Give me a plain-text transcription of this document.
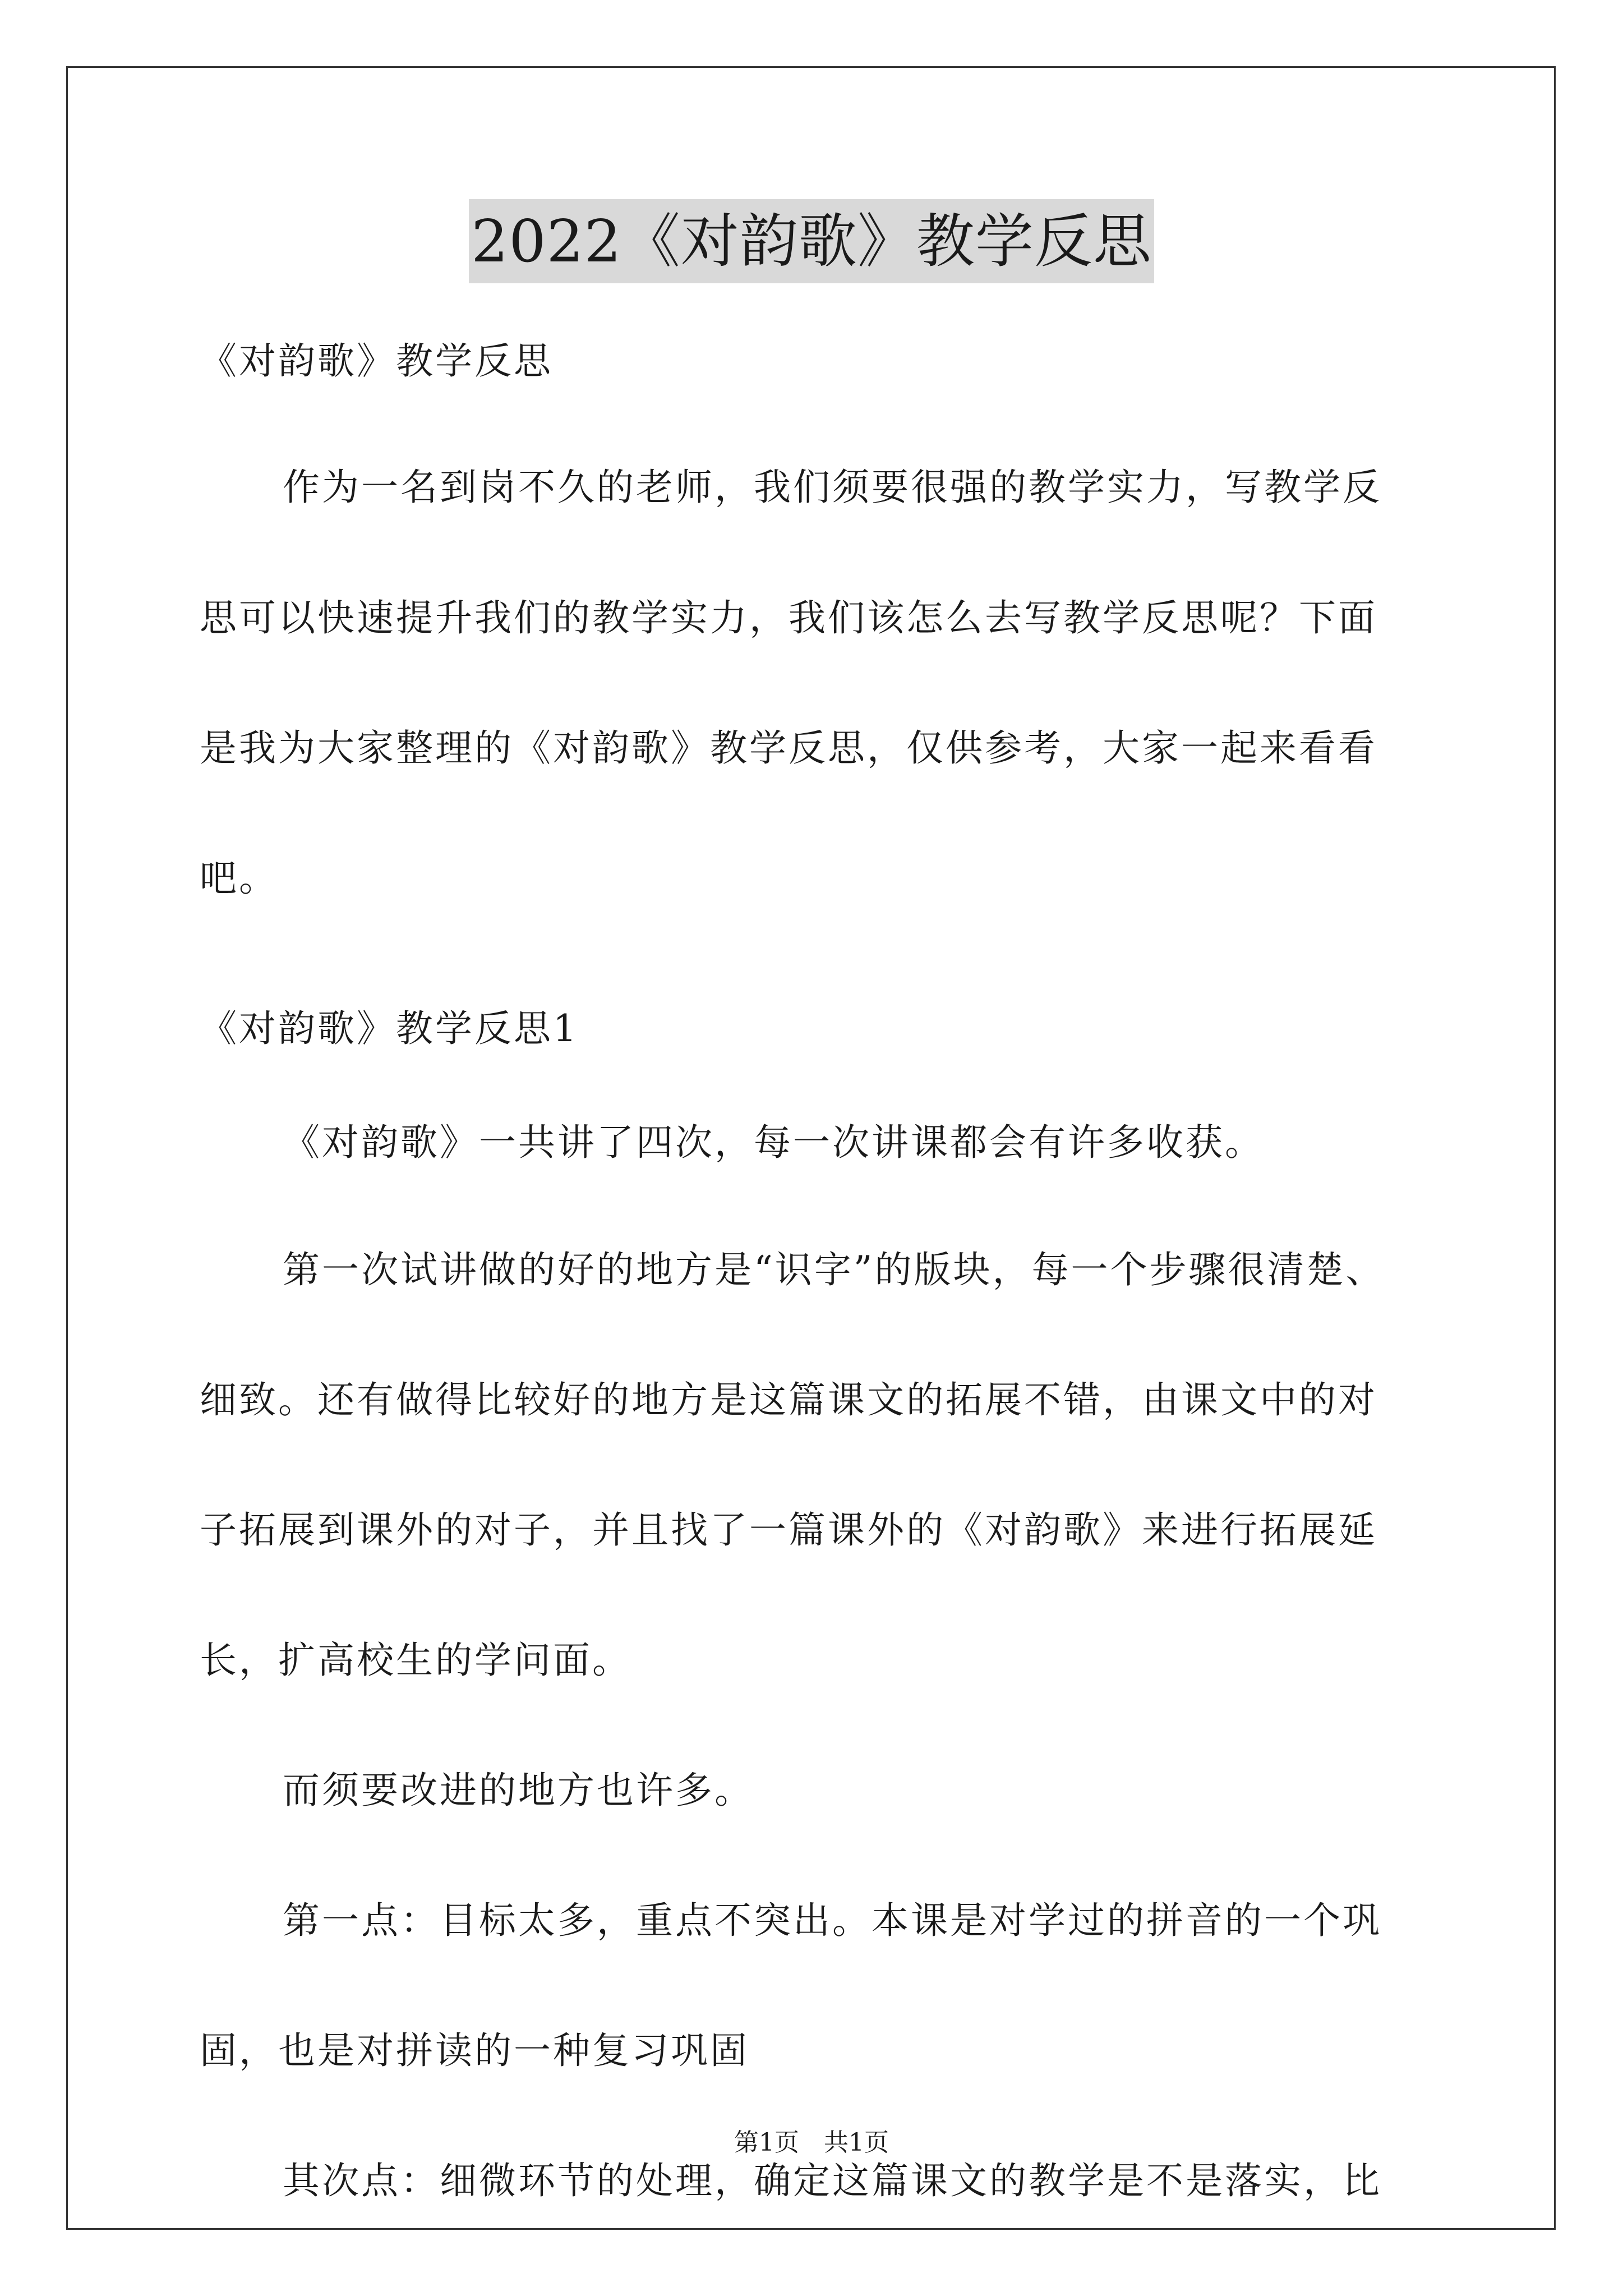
2022《对韵歌》教学反思
《对韵歌》教学反思
作为一名到岗不久的老师，我们须要很强的教学实力，写教学反
思可以快速提升我们的教学实力，我们该怎么去写教学反思呢？下面
是我为大家整理的《对韵歌》教学反思，仅供参考，大家一起来看看
吧。
《对韵歌》教学反思1
《对韵歌》一共讲了四次，每一次讲课都会有许多收获。
第一次试讲做的好的地方是“识字”的版块，每一个步骤很清楚、
细致。还有做得比较好的地方是这篇课文的拓展不错，由课文中的对
子拓展到课外的对子，并且找了一篇课外的《对韵歌》来进行拓展延
长，扩高校生的学问面。
而须要改进的地方也许多。
第一点：目标太多，重点不突出。本课是对学过的拼音的一个巩
固，也是对拼读的一种复习巩固
其次点：细微环节的处理，确定这篇课文的教学是不是落实，比
第1页　共1页
